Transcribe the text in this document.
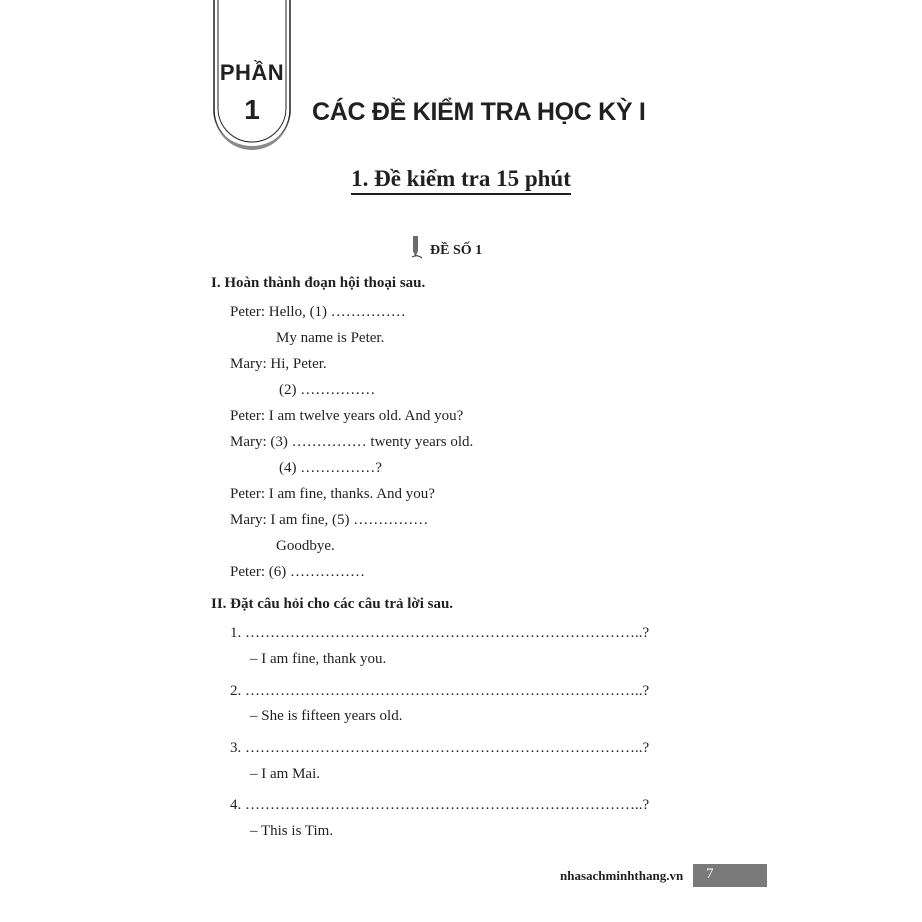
PHẦN
1	CÁC ĐỀ KIỂM TRA HỌC KỲ I
1. Đề kiểm tra 15 phút
ĐỀ SỐ 1
I. Hoàn thành đoạn hội thoại sau.
Peter: Hello, (1) ……………
My name is Peter.
Mary: Hi, Peter.
(2) ……………
Peter: I am twelve years old. And you?
Mary: (3) …………… twenty years old.
(4) ……………?
Peter: I am fine, thanks. And you?
Mary: I am fine, (5) ……………
Goodbye.
Peter: (6) ……………
II. Đặt câu hỏi cho các câu trả lời sau.
1. ……………………………………………………………………..?
– I am fine, thank you.
2. ……………………………………………………………………..?
– She is fifteen years old.
3. ……………………………………………………………………..?
– I am Mai.
4. ……………………………………………………………………..?
– This is Tim.
nhasachminhthang.vn 7
